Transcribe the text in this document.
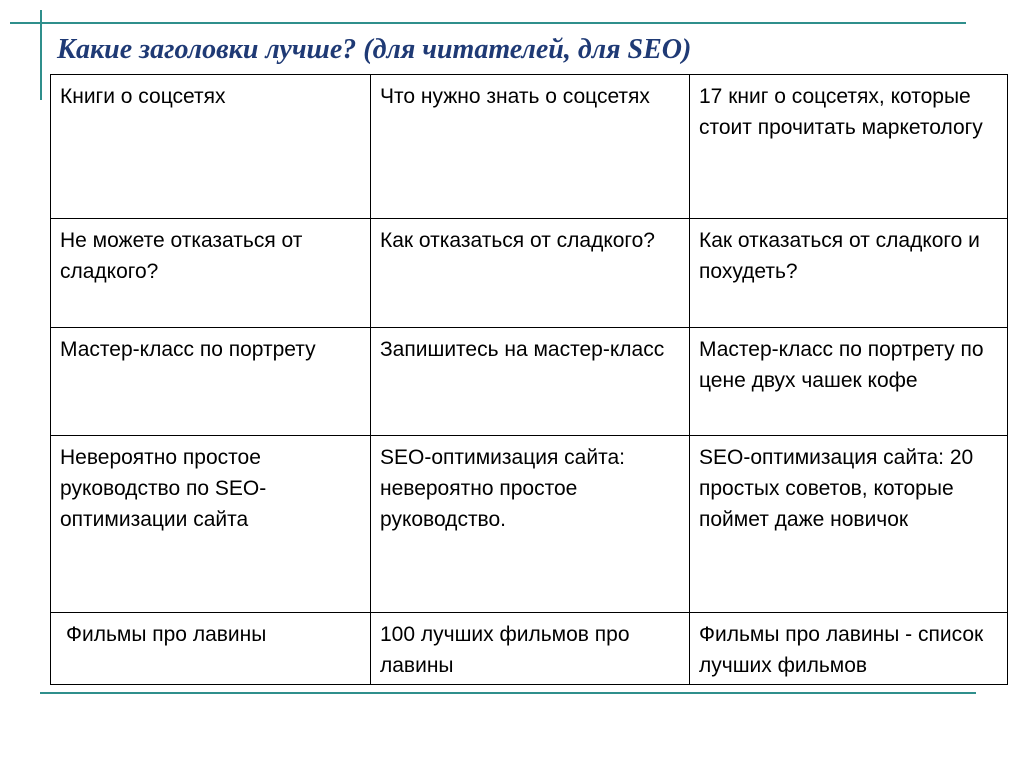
Какие заголовки лучше? (для читателей, для SEO)
Книги о соцсетях	Что нужно знать о соцсетях	17 книг о соцсетях, которые стоит прочитать маркетологу
Не можете отказаться от сладкого?	Как отказаться от сладкого?	Как отказаться от сладкого и похудеть?
Мастер-класс по портрету	Запишитесь на мастер-класс	Мастер-класс по портрету по цене двух чашек кофе
Невероятно простое руководство по SEO-оптимизации сайта	SEO-оптимизация сайта: невероятно простое руководство.	SEO-оптимизация сайта: 20 простых советов, которые поймет даже новичок
Фильмы про лавины	100 лучших фильмов про лавины	Фильмы про лавины - список лучших фильмов
